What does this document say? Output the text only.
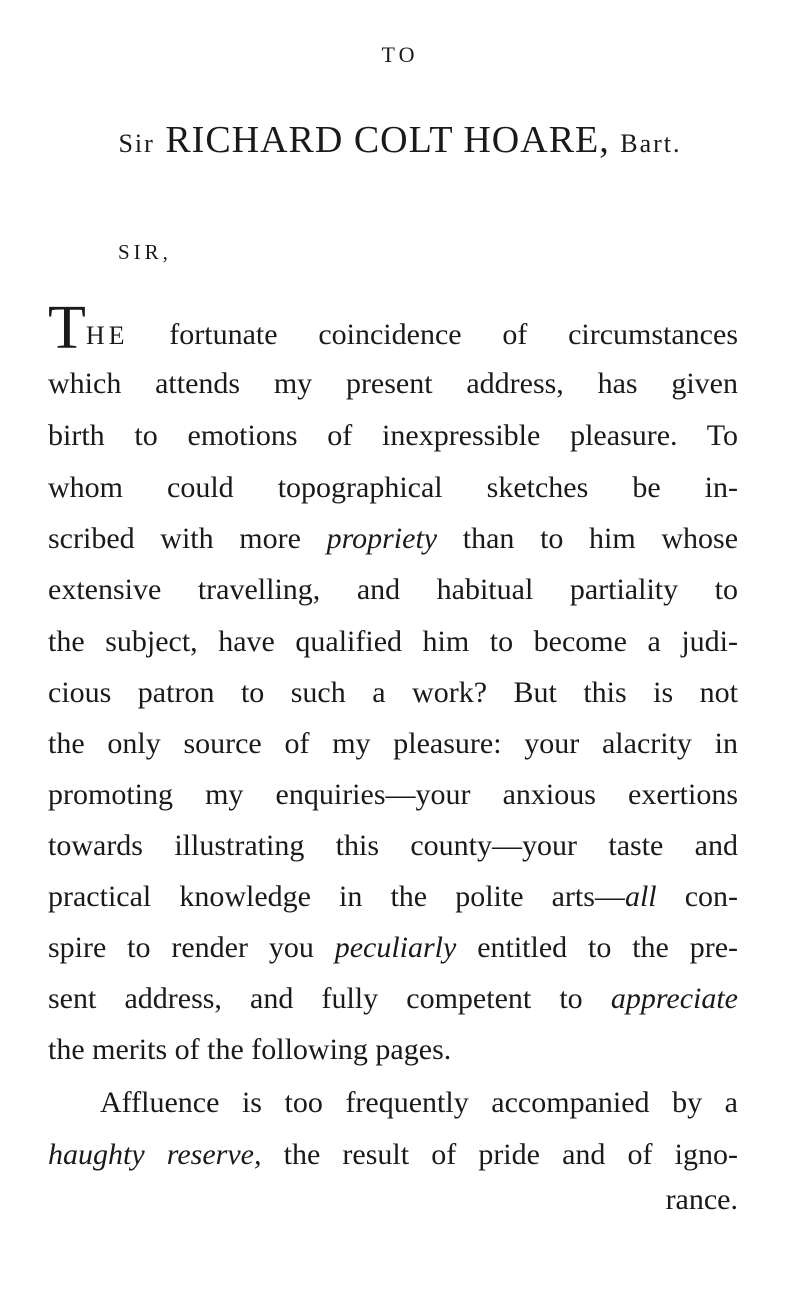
TO
Sir RICHARD COLT HOARE, Bart.
SIR,
THE fortunate coincidence of circumstances
which attends my present address, has given
birth to emotions of inexpressible pleasure. To
whom could topographical sketches be in-
scribed with more propriety than to him whose
extensive travelling, and habitual partiality to
the subject, have qualified him to become a judi-
cious patron to such a work? But this is not
the only source of my pleasure: your alacrity in
promoting my enquiries—your anxious exertions
towards illustrating this county—your taste and
practical knowledge in the polite arts—all con-
spire to render you peculiarly entitled to the pre-
sent address, and fully competent to appreciate
the merits of the following pages.
Affluence is too frequently accompanied by a
haughty reserve, the result of pride and of igno-
rance.
